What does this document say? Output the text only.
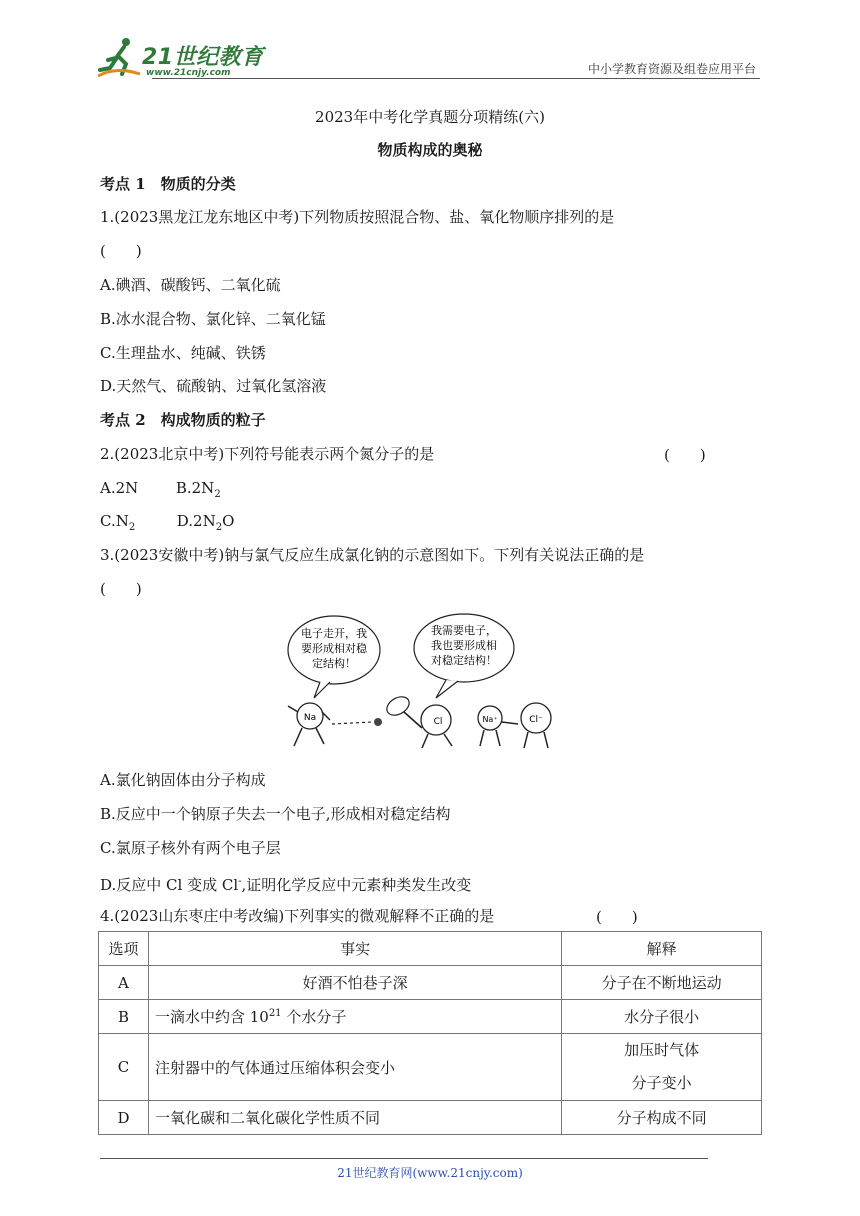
21世纪教育
www.21cnjy.com	中小学教育资源及组卷应用平台
2023年中考化学真题分项精练(六)
物质构成的奥秘
考点 1　物质的分类
1.(2023黑龙江龙东地区中考)下列物质按照混合物、盐、氧化物顺序排列的是
(　　)
A.碘酒、碳酸钙、二氧化硫
B.冰水混合物、氯化锌、二氧化锰
C.生理盐水、纯碱、铁锈
D.天然气、硫酸钠、过氧化氢溶液
考点 2　构成物质的粒子
2.(2023北京中考)下列符号能表示两个氮分子的是	(　　)
A.2N	$B.2N_2$
$C.N_2$	$D.2N_2O$
3.(2023安徽中考)钠与氯气反应生成氯化钠的示意图如下。下列有关说法正确的是
(　　)
电子走开，我
要形成相对稳
定结构！
我需要电子，
我也要形成相
对稳定结构！
Na	Cl	Na⁺	Cl⁻
A.氯化钠固体由分子构成
B.反应中一个钠原子失去一个电子,形成相对稳定结构
C.氯原子核外有两个电子层
D.反应中 Cl 变成 Cl-,证明化学反应中元素种类发生改变
4.(2023山东枣庄中考改编)下列事实的微观解释不正确的是	(　　)
选项	事实	解释
A	好酒不怕巷子深	分子在不断地运动
B	一滴水中约含 $10^{21}$ 个水分子	水分子很小
C	注射器中的气体通过压缩体积会变小	加压时气体
分子变小

D	一氧化碳和二氧化碳化学性质不同	分子构成不同
21世纪教育网(www.21cnjy.com)
